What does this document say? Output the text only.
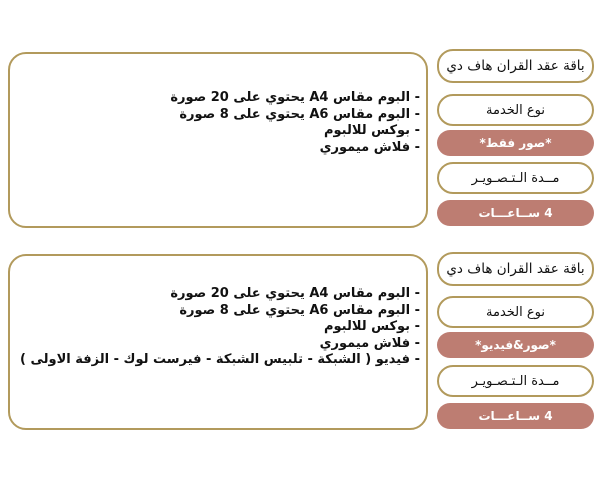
- البوم مقاس A4 يحتوي على 20 صورة
- البوم مقاس A6 يحتوي على 8 صورة
- بوكس للالبوم
- فلاش ميموري
باقة عقد القران هاف دي
نوع الخدمة
*صور فقط*
مــدة الـتـصـويـر
4 ســاعـــات
- البوم مقاس A4 يحتوي على 20 صورة
- البوم مقاس A6 يحتوي على 8 صورة
- بوكس للالبوم
- فلاش ميموري
- فيديو ( الشبكة - تلبيس الشبكة - فيرست لوك - الزفة الاولى )
باقة عقد القران هاف دي
نوع الخدمة
*صور&فيديو*
مــدة الـتـصـويـر
4 ســاعـــات
